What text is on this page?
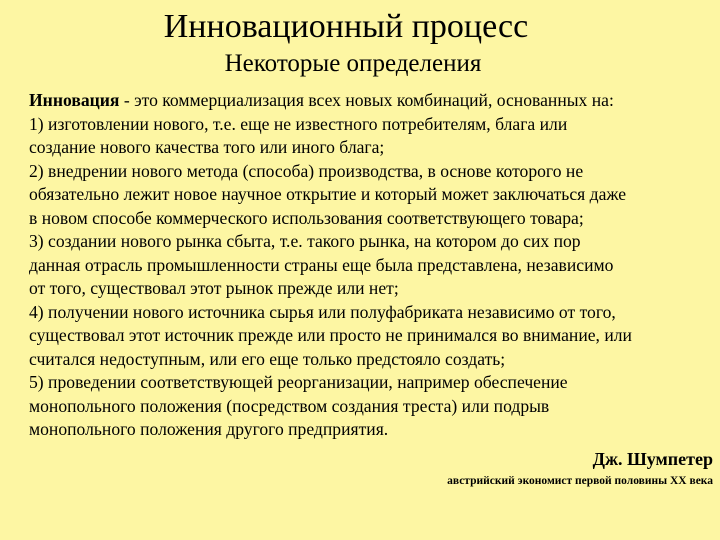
Инновационный процесс
Некоторые определения

Инновация - это коммерциализация всех новых комбинаций, основанных на:

1) изготовлении нового, т.е. еще не известного потребителям, блага или

создание нового качества того или иного блага;

2) внедрении нового метода (способа) производства, в основе которого не

обязательно лежит новое научное открытие и который может заключаться даже

в новом способе коммерческого использования соответствующего товара;

3) создании нового рынка сбыта, т.е. такого рынка, на котором до сих пор

данная отрасль промышленности страны еще была представлена, независимо

от того, существовал этот рынок прежде или нет;

4) получении нового источника сырья или полуфабриката независимо от того,

существовал этот источник прежде или просто не принимался во внимание, или

считался недоступным, или его еще только предстояло создать;

5) проведении соответствующей реорганизации, например обеспечение

монопольного положения (посредством создания треста) или подрыв

монопольного положения другого предприятия.

Дж. Шумпетер
австрийский экономист первой половины XX века
